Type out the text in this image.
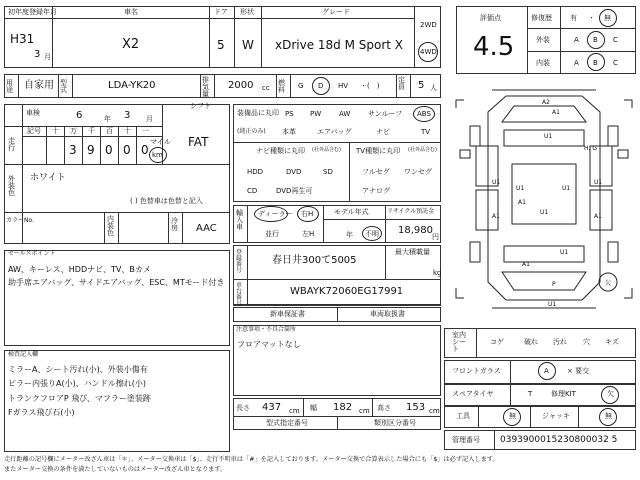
初年度登録年月
H31
3 月
車名
X2
ドア
5
形状
W
グレード
xDrive 18d M Sport X
2WD
4WD
評価点
4.5
修復歴	有 ・ 無
外装	A B C
内装	A B C
用途	自家用 型式	LDA-YK20	排気量
2000 cc
燃料	G D HV ・(　)
定員	5 人
車検	6	年 3 月
シフト
FAT
走行
記号 十 万 千 百 十 一
3 9 0 0 0
マイル
km
外装色
ホワイト
( ) 色替車は色替と記入
カラーNo.	内装色
冷房	AAC
装備品に丸印
(純正のみ)
PS PW	AW	サンルーフ ABS
本革	エアバッグ	ナビ	TV
ナビ種類に丸印 (社外品含む)
HDD	DVD	SD
CD	DVD再生可
TV種類に丸印 (社外品含む)
フルセグ ワンセグ
アナログ
輸入車
ディーラー 右H
並行	左H
モデル年式
年 不明
リサイクル預託金
18,980
円
登録番号
春日井300て5005
最大積載量
kg
車台番号
WBAYK72060EG17991
新車保証書	車両取扱書
セールスポイント
AW、キーレス、HDDナビ、TV、Bカメ
助手席エアバッグ、サイドエアバッグ、ESC、MTモード付き
注意事項・不具合箇所
フロアマットなし
検査記入欄
ミラーA、シート汚れ(小)、外装小傷有
ピラー内張りA(小)、ハンドル擦れ(小)
トランクフロアP 飛び、マフラー塗装跡
Fガラス飛び石(小)	長さ 437 cm 幅 182 cm 高さ 153 cm
型式指定番号	類別区分番号
A2
A1
U1
H, G
U1	U1
U1	U1
A1
U1
A1	A1
U1
A1
P
U1
欠
室内シート
コゲ	破れ 汚れ 穴 キズ
フロントガラス	A	× 要交
スペアタイヤ	T	修理KIT	欠
工具	無	ジャッキ	無
管理番号 0393900015230800032 5
走行距離の記号欄にメーター改ざん車は「＊」、メーター交換車は「$」、走行不明車は「#」を記入しております。メーター交換で合算表示した場合にも「$」は必ず記入します。
またメーター交換の条件を満たしていないものはメーター改ざん車となります。
